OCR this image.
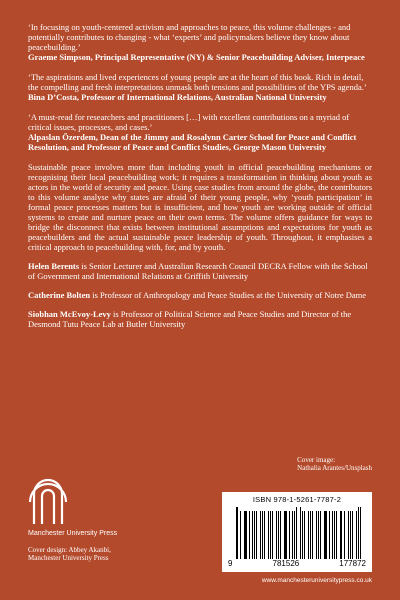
‘In focusing on youth-centered activism and approaches to peace, this volume challenges - and potentially contributes to changing - what ‘experts’ and policymakers believe they know about peacebuilding.’

Graeme Simpson, Principal Representative (NY) & Senior Peacebuilding Adviser, Interpeace

‘The aspirations and lived experiences of young people are at the heart of this book. Rich in detail, the compelling and fresh interpretations unmask both tensions and possibilities of the YPS agenda.’

Bina D’Costa, Professor of International Relations, Australian National University

‘A must-read for researchers and practitioners […] with excellent contributions on a myriad of critical issues, processes, and cases.’

Alpaslan Özerdem, Dean of the Jimmy and Rosalynn Carter School for Peace and Conflict Resolution, and Professor of Peace and Conflict Studies, George Mason University

Sustainable peace involves more than including youth in official peacebuilding mechanisms or recognising their local peacebuilding work; it requires a transformation in thinking about youth as actors in the world of security and peace. Using case studies from around the globe, the contributors to this volume analyse why states are afraid of their young people, why ‘youth participation’ in formal peace processes matters but is insufficient, and how youth are working outside of official systems to create and nurture peace on their own terms. The volume offers guidance for ways to bridge the disconnect that exists between institutional assumptions and expectations for youth as peacebuilders and the actual sustainable peace leadership of youth. Throughout, it emphasises a critical approach to peacebuilding with, for, and by youth.

Helen Berents is Senior Lecturer and Australian Research Council DECRA Fellow with the School of Government and International Relations at Griffith University

Catherine Bolten is Professor of Anthropology and Peace Studies at the University of Notre Dame

Siobhan McEvoy-Levy is Professor of Political Science and Peace Studies and Director of the Desmond Tutu Peace Lab at Butler University

Manchester University Press
Cover design: Abbey Akanbi,
Manchester University Press
Cover image:
Nathalia Arantes/Unsplash
ISBN 978-1-5261-7787-2
9	781526	177872
www.manchesteruniversitypress.co.uk
